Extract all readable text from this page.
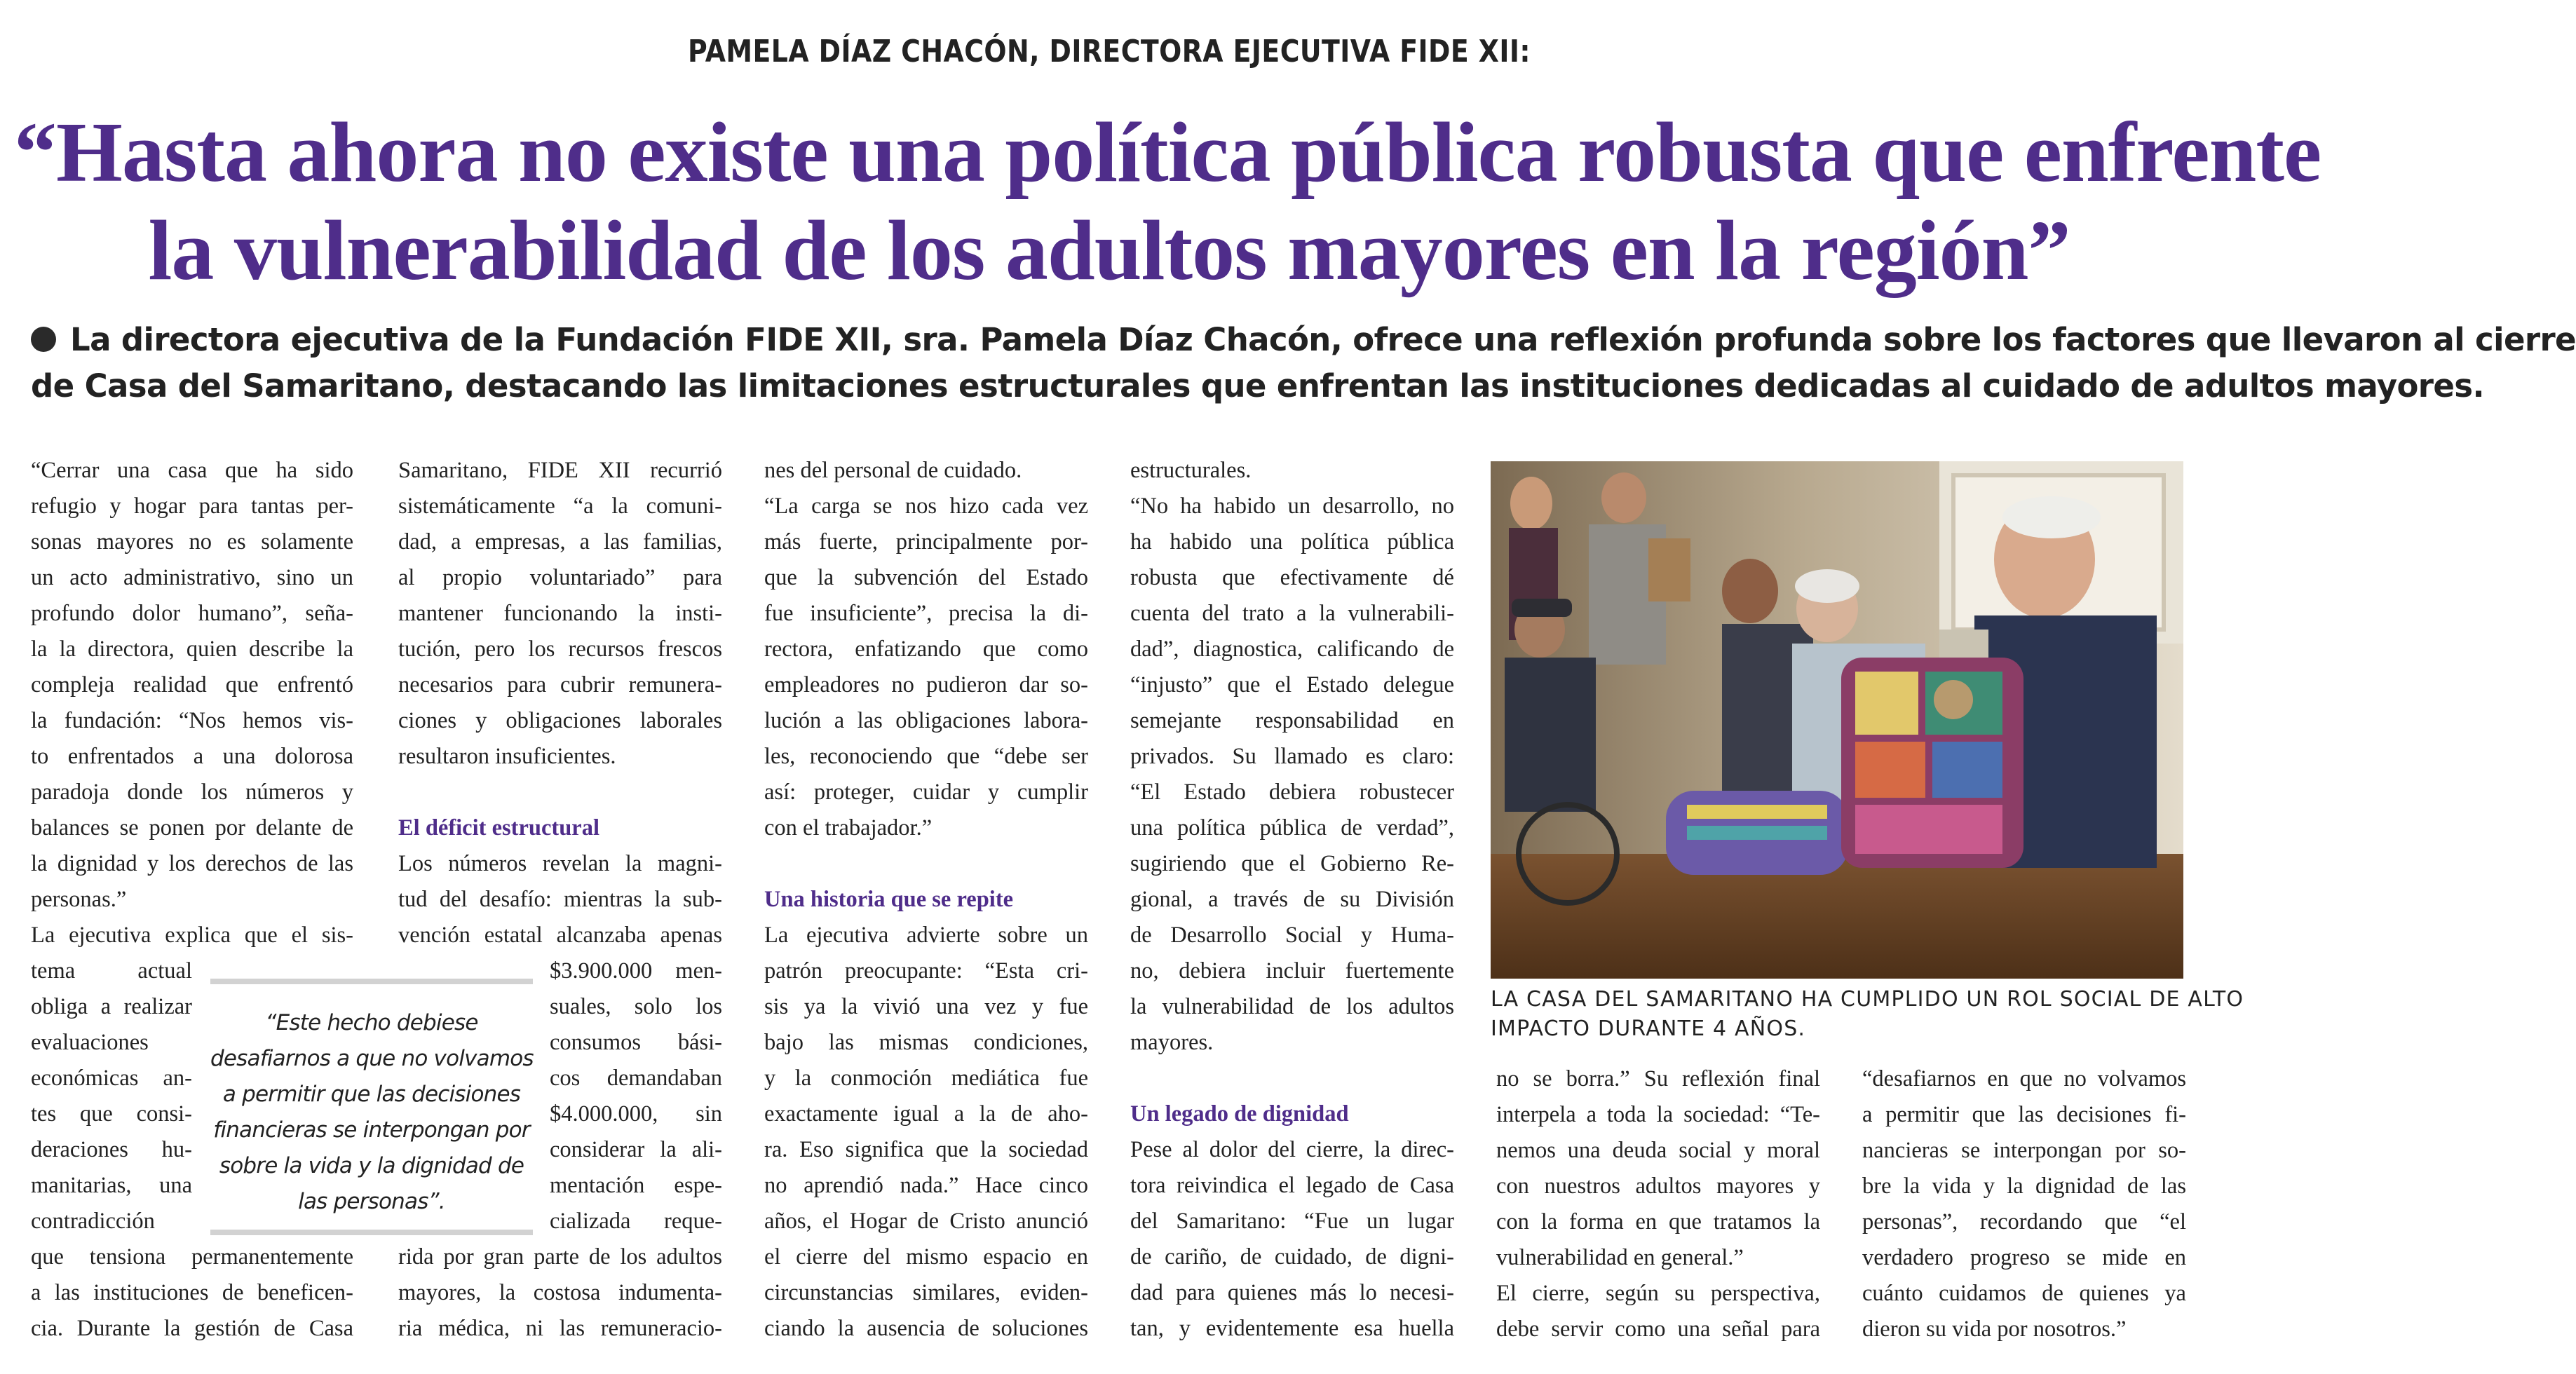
PAMELA DÍAZ CHACÓN, DIRECTORA EJECUTIVA FIDE XII:
“Hasta ahora no existe una política pública robusta que enfrente
la vulnerabilidad de los adultos mayores en la región”
La directora ejecutiva de la Fundación FIDE XII, sra. Pamela Díaz Chacón, ofrece una reflexión profunda sobre los factores que llevaron al cierre
de Casa del Samaritano, destacando las limitaciones estructurales que enfrentan las instituciones dedicadas al cuidado de adultos mayores.
“Cerrar una casa que ha sido
refugio y hogar para tantas per-
sonas mayores no es solamente
un acto administrativo, sino un
profundo dolor humano”, seña-
la la directora, quien describe la
compleja realidad que enfrentó
la fundación: “Nos hemos vis-
to enfrentados a una dolorosa
paradoja donde los números y
balances se ponen por delante de
la dignidad y los derechos de las
personas.”
La ejecutiva explica que el sis-
tema actual
obliga a realizar
evaluaciones
económicas an-
tes que consi-
deraciones hu-
manitarias, una
contradicción
que tensiona permanentemente
a las instituciones de beneficen-
cia. Durante la gestión de Casa
Samaritano, FIDE XII recurrió
sistemáticamente “a la comuni-
dad, a empresas, a las familias,
al propio voluntariado” para
mantener funcionando la insti-
tución, pero los recursos frescos
necesarios para cubrir remunera-
ciones y obligaciones laborales
resultaron insuficientes.
El déficit estructural
Los números revelan la magni-
tud del desafío: mientras la sub-
vención estatal alcanzaba apenas
$3.900.000 men-
suales, solo los
consumos bási-
cos demandaban
$4.000.000, sin
considerar la ali-
mentación espe-
cializada reque-
rida por gran parte de los adultos
mayores, la costosa indumenta-
ria médica, ni las remuneracio-
nes del personal de cuidado.
“La carga se nos hizo cada vez
más fuerte, principalmente por-
que la subvención del Estado
fue insuficiente”, precisa la di-
rectora, enfatizando que como
empleadores no pudieron dar so-
lución a las obligaciones labora-
les, reconociendo que “debe ser
así: proteger, cuidar y cumplir
con el trabajador.”
Una historia que se repite
La ejecutiva advierte sobre un
patrón preocupante: “Esta cri-
sis ya la vivió una vez y fue
bajo las mismas condiciones,
y la conmoción mediática fue
exactamente igual a la de aho-
ra. Eso significa que la sociedad
no aprendió nada.” Hace cinco
años, el Hogar de Cristo anunció
el cierre del mismo espacio en
circunstancias similares, eviden-
ciando la ausencia de soluciones
estructurales.
“No ha habido un desarrollo, no
ha habido una política pública
robusta que efectivamente dé
cuenta del trato a la vulnerabili-
dad”, diagnostica, calificando de
“injusto” que el Estado delegue
semejante responsabilidad en
privados. Su llamado es claro:
“El Estado debiera robustecer
una política pública de verdad”,
sugiriendo que el Gobierno Re-
gional, a través de su División
de Desarrollo Social y Huma-
no, debiera incluir fuertemente
la vulnerabilidad de los adultos
mayores.
Un legado de dignidad
Pese al dolor del cierre, la direc-
tora reivindica el legado de Casa
del Samaritano: “Fue un lugar
de cariño, de cuidado, de digni-
dad para quienes más lo necesi-
tan, y evidentemente esa huella
no se borra.” Su reflexión final
interpela a toda la sociedad: “Te-
nemos una deuda social y moral
con nuestros adultos mayores y
con la forma en que tratamos la
vulnerabilidad en general.”
El cierre, según su perspectiva,
debe servir como una señal para
“desafiarnos en que no volvamos
a permitir que las decisiones fi-
nancieras se interpongan por so-
bre la vida y la dignidad de las
personas”, recordando que “el
verdadero progreso se mide en
cuánto cuidamos de quienes ya
dieron su vida por nosotros.”
“Este hecho debiese
desafiarnos a que no volvamos
a permitir que las decisiones
financieras se interpongan por
sobre la vida y la dignidad de
las personas”.
LA CASA DEL SAMARITANO HA CUMPLIDO UN ROL SOCIAL DE ALTO
IMPACTO DURANTE 4 AÑOS.
